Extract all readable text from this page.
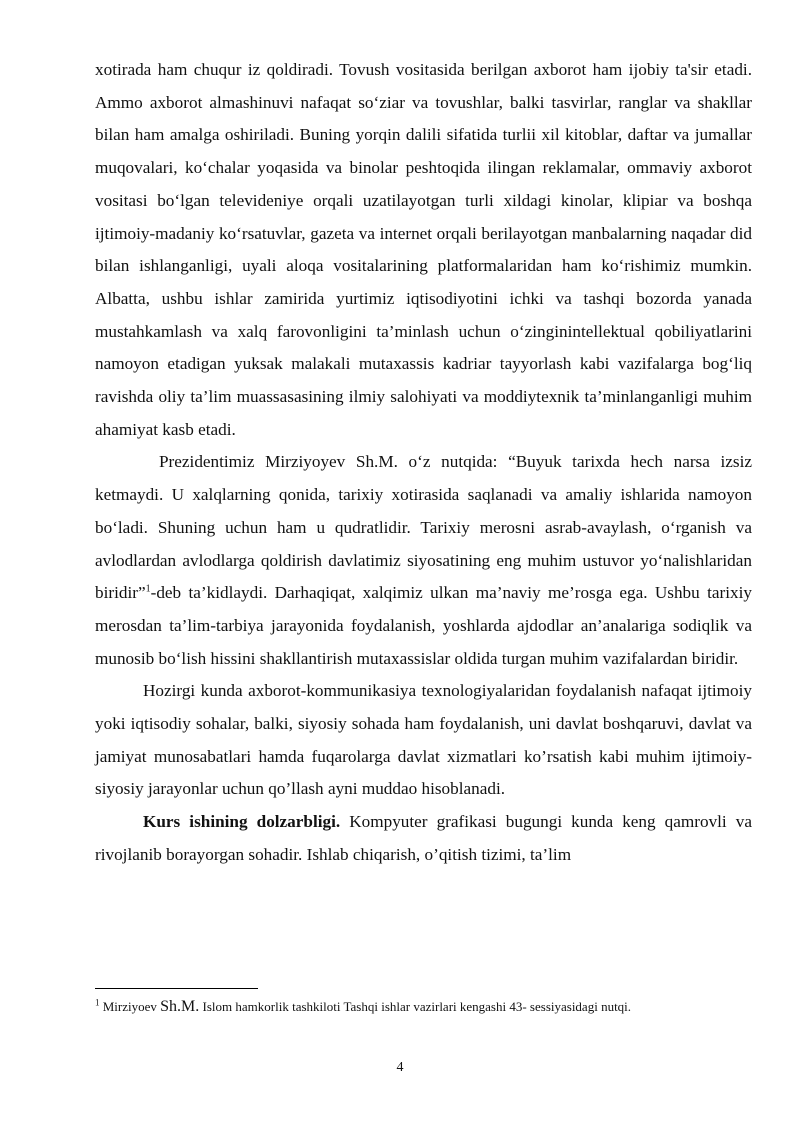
xotirada ham chuqur iz qoldiradi. Tovush vositasida berilgan axborot ham ijobiy ta'sir etadi. Ammo axborot almashinuvi nafaqat so‘ziar va tovushlar, balki tasvirlar, ranglar va shakllar bilan ham amalga oshiriladi. Buning yorqin dalili sifatida turlii xil kitoblar, daftar va jumallar muqovalari, ko‘chalar yoqasida va binolar peshtoqida ilingan reklamalar, ommaviy axborot vositasi bo‘lgan televideniye orqali uzatilayotgan turli xildagi kinolar, klipiar va boshqa ijtimoiy-madaniy ko‘rsatuvlar, gazeta va internet orqali berilayotgan manbalarning naqadar did bilan ishlanganligi, uyali aloqa vositalarining platformalaridan ham ko‘rishimiz mumkin. Albatta, ushbu ishlar zamirida yurtimiz iqtisodiyotini ichki va tashqi bozorda yanada mustahkamlash va xalq farovonligini ta’minlash uchun o‘zinginintellektual qobiliyatlarini namoyon etadigan yuksak malakali mutaxassis kadriar tayyorlash kabi vazifalarga bog‘liq ravishda oliy ta’lim muassasasining ilmiy salohiyati va moddiytexnik ta’minlanganligi muhim ahamiyat kasb etadi.

Prezidentimiz Mirziyoyev Sh.M. o‘z nutqida: “Buyuk tarixda hech narsa izsiz ketmaydi. U xalqlarning qonida, tarixiy xotirasida saqlanadi va amaliy ishlarida namoyon bo‘ladi. Shuning uchun ham u qudratlidir. Tarixiy merosni asrab-avaylash, o‘rganish va avlodlardan avlodlarga qoldirish davlatimiz siyosatining eng muhim ustuvor yo‘nalishlaridan biridir”$^1$-deb ta’kidlaydi. Darhaqiqat, xalqimiz ulkan ma’naviy me’rosga ega. Ushbu tarixiy merosdan ta’lim-tarbiya jarayonida foydalanish, yoshlarda ajdodlar an’analariga sodiqlik va munosib bo‘lish hissini shakllantirish mutaxassislar oldida turgan muhim vazifalardan biridir.

Hozirgi kunda axborot-kommunikasiya texnologiyalaridan foydalanish nafaqat ijtimoiy yoki iqtisodiy sohalar, balki, siyosiy sohada ham foydalanish, uni davlat boshqaruvi, davlat va jamiyat munosabatlari hamda fuqarolarga davlat xizmatlari ko’rsatish kabi muhim ijtimoiy-siyosiy jarayonlar uchun qo’llash ayni muddao hisoblanadi.

Kurs ishining dolzarbligi. Kompyuter grafikasi bugungi kunda keng qamrovli va rivojlanib borayorgan sohadir. Ishlab chiqarish, o’qitish tizimi, ta’lim

$^1$ Mirziyoev Sh.M. Islom hamkorlik tashkiloti Tashqi ishlar vazirlari kengashi 43- sessiyasidagi nutqi.
4
